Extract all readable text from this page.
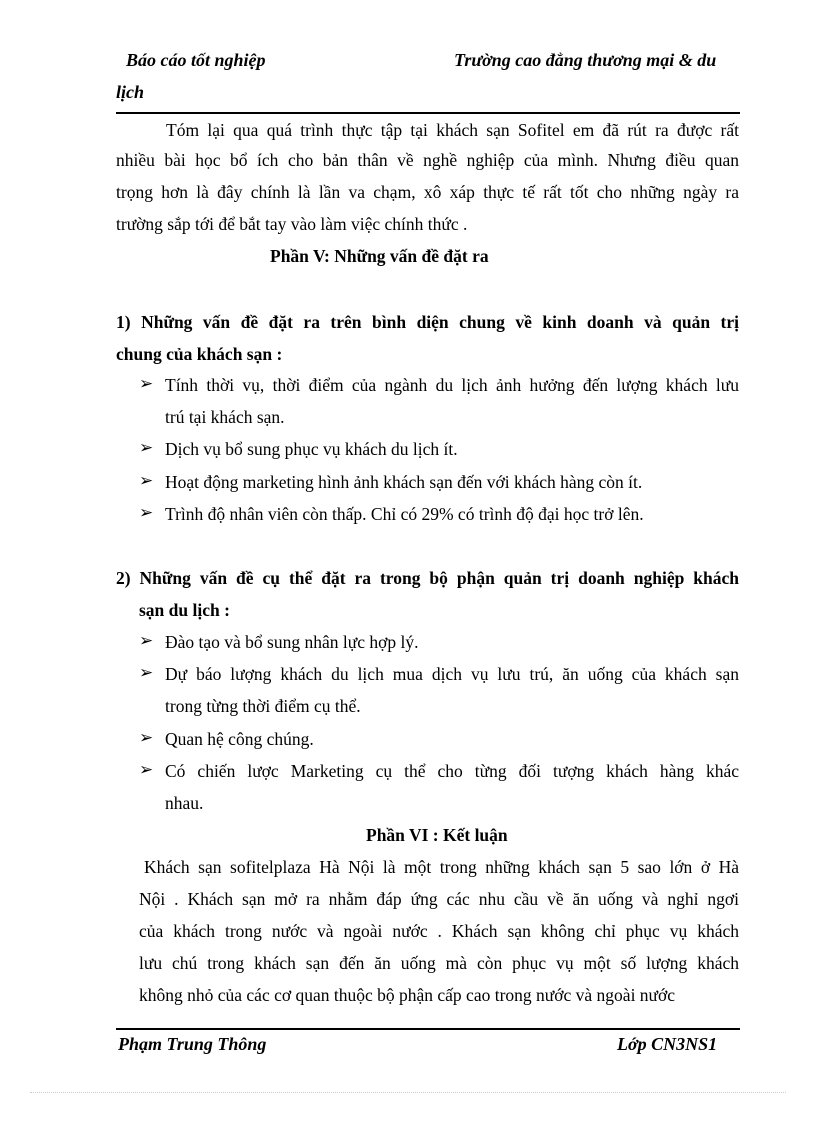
Báo cáo tốt nghiệp	Trường cao đẳng thương mại & du
lịch
Tóm lại qua quá trình thực tập tại khách sạn Sofitel em đã rút ra được rất
nhiều bài học bổ ích cho bản thân về nghề nghiệp của mình. Nhưng điều quan
trọng hơn là đây chính là lần va chạm, xô xáp thực tế rất tốt cho những ngày ra
trường sắp tới để bắt tay vào làm việc chính thức .
Phần V: Những vấn đề đặt ra
1) Những vấn đề đặt ra trên bình diện chung về kinh doanh và quản trị
chung của khách sạn :
➢ Tính thời vụ, thời điểm của ngành du lịch ảnh hưởng đến lượng khách lưu
trú tại khách sạn.
➢ Dịch vụ bổ sung phục vụ khách du lịch ít.
➢ Hoạt động marketing hình ảnh khách sạn đến với khách hàng còn ít.
➢ Trình độ nhân viên còn thấp. Chỉ có 29% có trình độ đại học trở lên.
2) Những vấn đề cụ thể đặt ra trong bộ phận quản trị doanh nghiệp khách
sạn du lịch :
➢ Đào tạo và bổ sung nhân lực hợp lý.
➢ Dự báo lượng khách du lịch mua dịch vụ lưu trú, ăn uống của khách sạn
trong từng thời điểm cụ thể.
➢ Quan hệ công chúng.
➢ Có chiến lược Marketing cụ thể cho từng đối tượng khách hàng khác
nhau.
Phần VI : Kết luận
Khách sạn sofitelplaza Hà Nội là một trong những khách sạn 5 sao lớn ở Hà
Nội . Khách sạn mở ra nhằm đáp ứng các nhu cầu về ăn uống và nghỉ ngơi
của khách trong nước và ngoài nước . Khách sạn không chỉ phục vụ khách
lưu chú trong khách sạn đến ăn uống mà còn phục vụ một số lượng khách
không nhỏ của các cơ quan thuộc bộ phận cấp cao trong nước và ngoài nước
Phạm Trung Thông	Lớp CN3NS1
